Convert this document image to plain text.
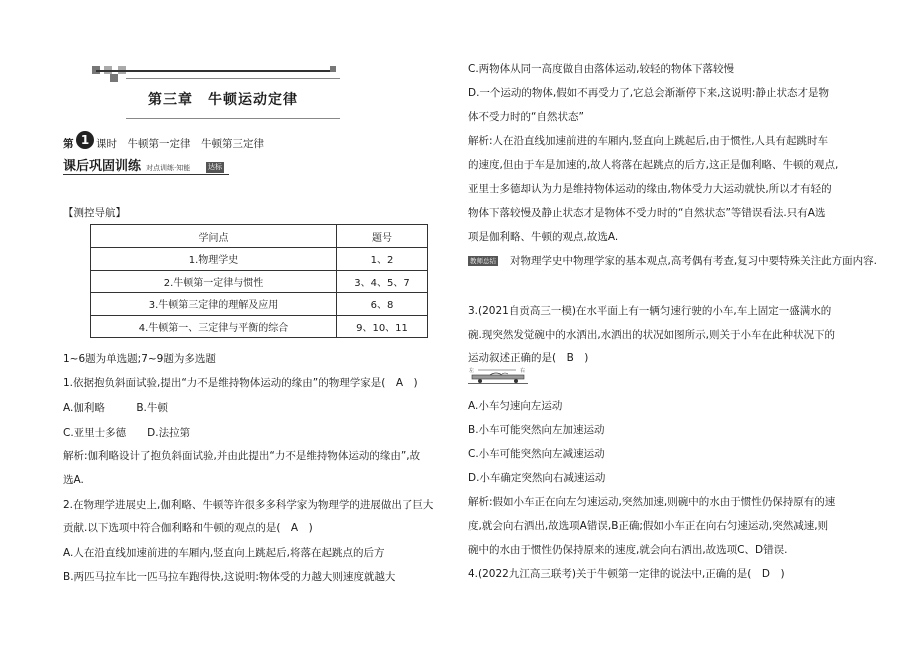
第三章　牛顿运动定律
第 1 课时　牛顿第一定律　牛顿第三定律
课后巩固训练 对点训练·知能	达标
【测控导航】
学问点	题号
1.物理学史	1、2
2.牛顿第一定律与惯性	3、4、5、7
3.牛顿第三定律的理解及应用	6、8
4.牛顿第一、三定律与平衡的综合	9、10、11
1~6题为单选题;7~9题为多选题
1.依据抱负斜面试验,提出“力不是维持物体运动的缘由”的物理学家是(　A　)
A.伽利略　　　B.牛顿
C.亚里士多德　　D.法拉第
解析:伽利略设计了抱负斜面试验,并由此提出“力不是维持物体运动的缘由”,故
选A.
2.在物理学进展史上,伽利略、牛顿等许很多多科学家为物理学的进展做出了巨大
贡献.以下选项中符合伽利略和牛顿的观点的是(　A　)
A.人在沿直线加速前进的车厢内,竖直向上跳起后,将落在起跳点的后方
B.两匹马拉车比一匹马拉车跑得快,这说明:物体受的力越大则速度就越大
C.两物体从同一高度做自由落体运动,较轻的物体下落较慢
D.一个运动的物体,假如不再受力了,它总会渐渐停下来,这说明:静止状态才是物
体不受力时的“自然状态”
解析:人在沿直线加速前进的车厢内,竖直向上跳起后,由于惯性,人具有起跳时车
的速度,但由于车是加速的,故人将落在起跳点的后方,这正是伽利略、牛顿的观点,
亚里士多德却认为力是维持物体运动的缘由,物体受力大运动就快,所以才有轻的
物体下落较慢及静止状态才是物体不受力时的“自然状态”等错误看法.只有A选
项是伽利略、牛顿的观点,故选A.
教师总结 对物理学史中物理学家的基本观点,高考偶有考查,复习中要特殊关注此方面内容.
3.(2021自贡高三一模)在水平面上有一辆匀速行驶的小车,车上固定一盛满水的
碗.现突然发觉碗中的水洒出,水洒出的状况如图所示,则关于小车在此种状况下的
运动叙述正确的是(　B　)
左	右
A.小车匀速向左运动
B.小车可能突然向左加速运动
C.小车可能突然向左减速运动
D.小车确定突然向右减速运动
解析:假如小车正在向左匀速运动,突然加速,则碗中的水由于惯性仍保持原有的速
度,就会向右洒出,故选项A错误,B正确;假如小车正在向右匀速运动,突然减速,则
碗中的水由于惯性仍保持原来的速度,就会向右洒出,故选项C、D错误.
4.(2022九江高三联考)关于牛顿第一定律的说法中,正确的是(　D　)
